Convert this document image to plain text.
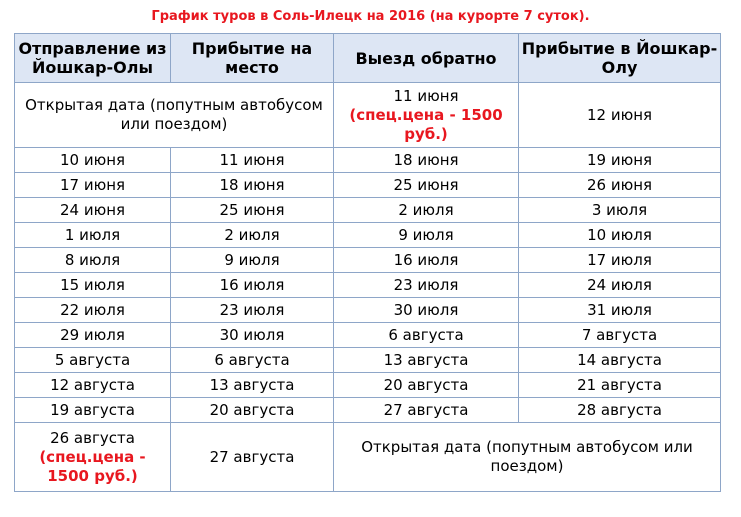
График туров в Соль-Илецк на 2016 (на курорте 7 суток).
Отправление из Йошкар-Олы	Прибытие на место	Выезд обратно	Прибытие в Йошкар-Олу

Открытая дата (попутным автобусом
или поездом)		11 июня
(спец.цена - 1500
руб.)	12 июня
10 июня	11 июня	18 июня	19 июня
17 июня	18 июня	25 июня	26 июня
24 июня	25 июня	2 июля	3 июля
1 июля	2 июля	9 июля	10 июля
8 июля	9 июля	16 июля	17 июля
15 июля	16 июля	23 июля	24 июля
22 июля	23 июля	30 июля	31 июля
29 июля	30 июля	6 августа	7 августа
5 августа	6 августа	13 августа	14 августа
12 августа	13 августа	20 августа	21 августа
19 августа	20 августа	27 августа	28 августа

26 августа
(спец.цена -
1500 руб.)	27 августа	Открытая дата (попутным автобусом или
поездом)	
